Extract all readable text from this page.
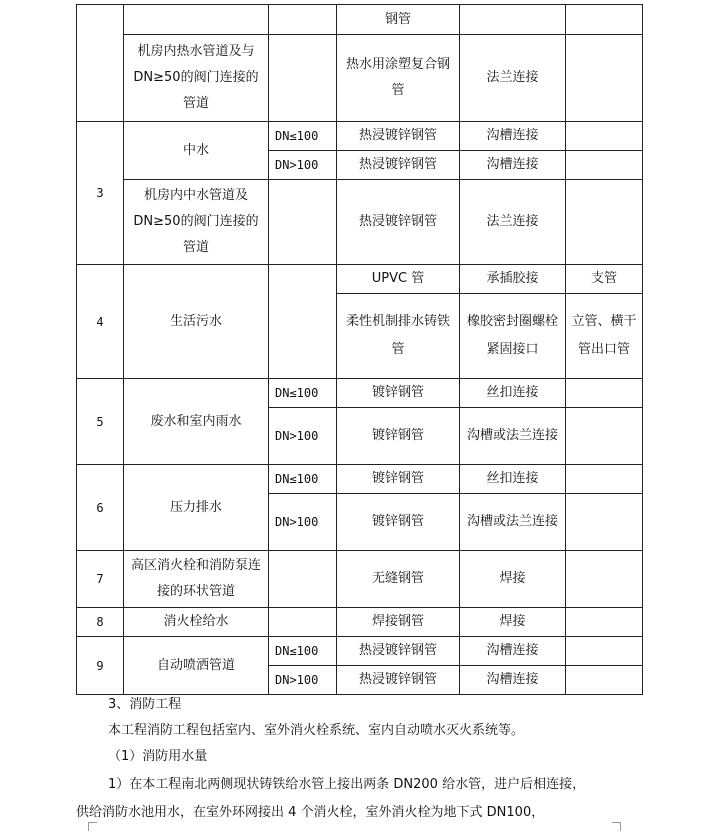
			钢管		
	机房内热水管道及与DN≥50的阀门连接的管道		热水用涂塑复合钢管	法兰连接	
3	中水	DN≤100	热浸镀锌钢管	沟槽连接	
		DN>100	热浸镀锌钢管	沟槽连接	
	机房内中水管道及DN≥50的阀门连接的管道		热浸镀锌钢管	法兰连接	
4	生活污水		UPVC 管	承插胶接	支管
			柔性机制排水铸铁管	橡胶密封圈螺栓紧固接口	立管、横干管出口管
5	废水和室内雨水	DN≤100	镀锌钢管	丝扣连接	
		DN>100	镀锌钢管	沟槽或法兰连接	
6	压力排水	DN≤100	镀锌钢管	丝扣连接	
		DN>100	镀锌钢管	沟槽或法兰连接	
7	高区消火栓和消防泵连接的环状管道		无缝钢管	焊接	
8	消火栓给水		焊接钢管	焊接	
9	自动喷洒管道	DN≤100	热浸镀锌钢管	沟槽连接	
		DN>100	热浸镀锌钢管	沟槽连接	
3、消防工程
本工程消防工程包括室内、室外消火栓系统、室内自动喷水灭火系统等。
（1）消防用水量
1）在本工程南北两侧现状铸铁给水管上接出两条 DN200 给水管，进户后相连接，
供给消防水池用水，在室外环网接出 4 个消火栓，室外消火栓为地下式 DN100，
